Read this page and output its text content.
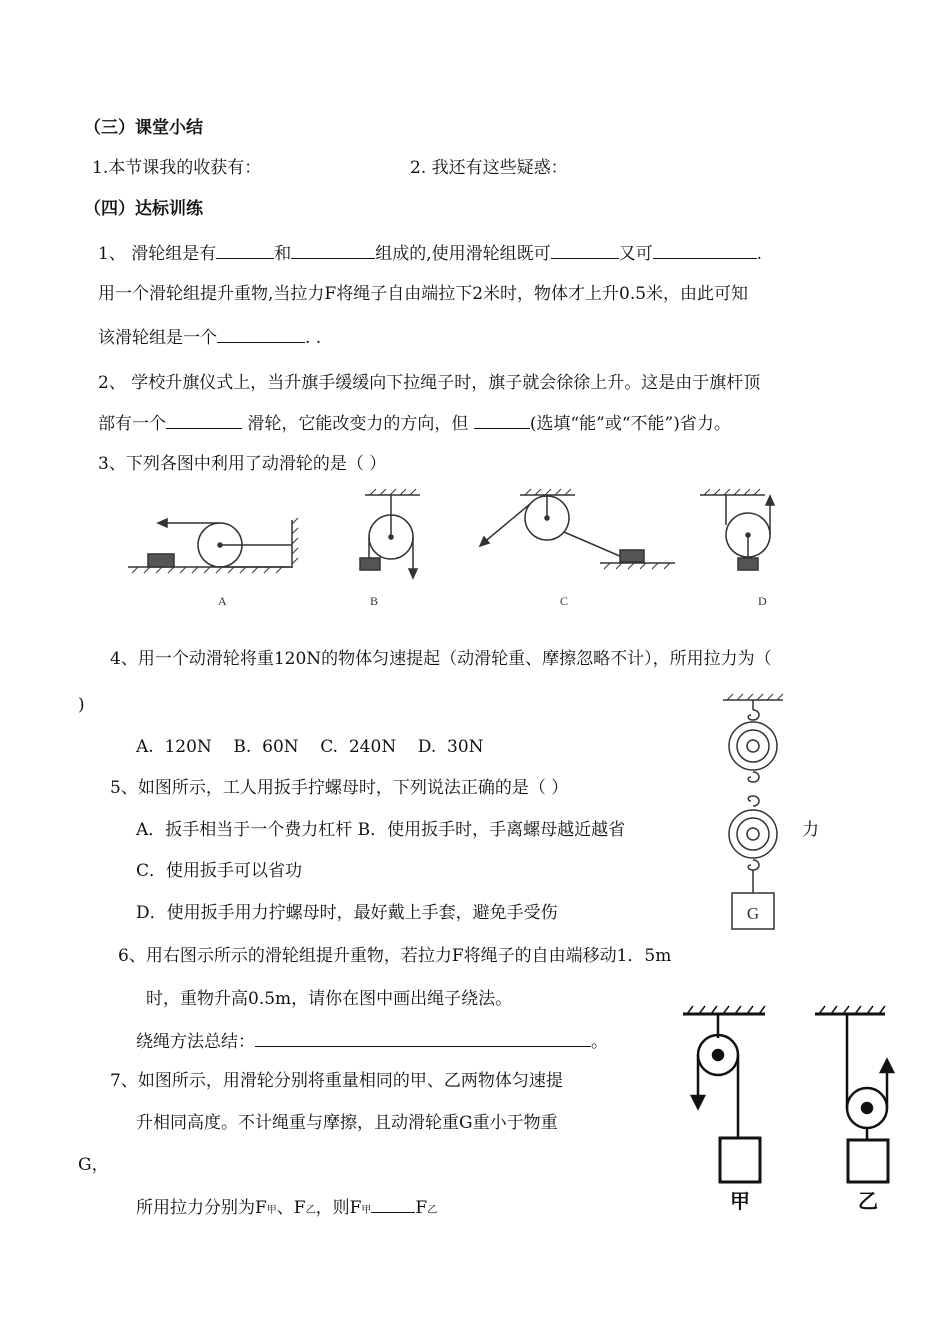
（三）课堂小结
1.本节课我的收获有：	2. 我还有这些疑惑：
（四）达标训练
1、 滑轮组是有	和	组成的,使用滑轮组既可	又可	.
用一个滑轮组提升重物,当拉力F将绳子自由端拉下2米时，物体才上升0.5米，由此可知
该滑轮组是一个	. .
2、 学校升旗仪式上，当升旗手缓缓向下拉绳子时，旗子就会徐徐上升。这是由于旗杆顶
部有一个	滑轮，它能改变力的方向，但	(选填“能”或“不能”)省力。
3、下列各图中利用了动滑轮的是（ ）
A	B	C	D
4、用一个动滑轮将重120N的物体匀速提起（动滑轮重、摩擦忽略不计），所用拉力为（
)
A.  120N    B.  60N    C.  240N    D.  30N
5、如图所示，工人用扳手拧螺母时，下列说法正确的是（ ）
A．扳手相当于一个费力杠杆 B．使用扳手时，手离螺母越近越省	力
C．使用扳手可以省功
D．使用扳手用力拧螺母时，最好戴上手套，避免手受伤	G
6、用右图示所示的滑轮组提升重物，若拉力F将绳子的自由端移动1．5m
时，重物升高0.5m，请你在图中画出绳子绕法。
绕绳方法总结：	。
7、如图所示，用滑轮分别将重量相同的甲、乙两物体匀速提
升相同高度。不计绳重与摩擦，且动滑轮重G重小于物重
G，
所用拉力分别为F甲、F乙，则F甲	F乙	甲	乙
